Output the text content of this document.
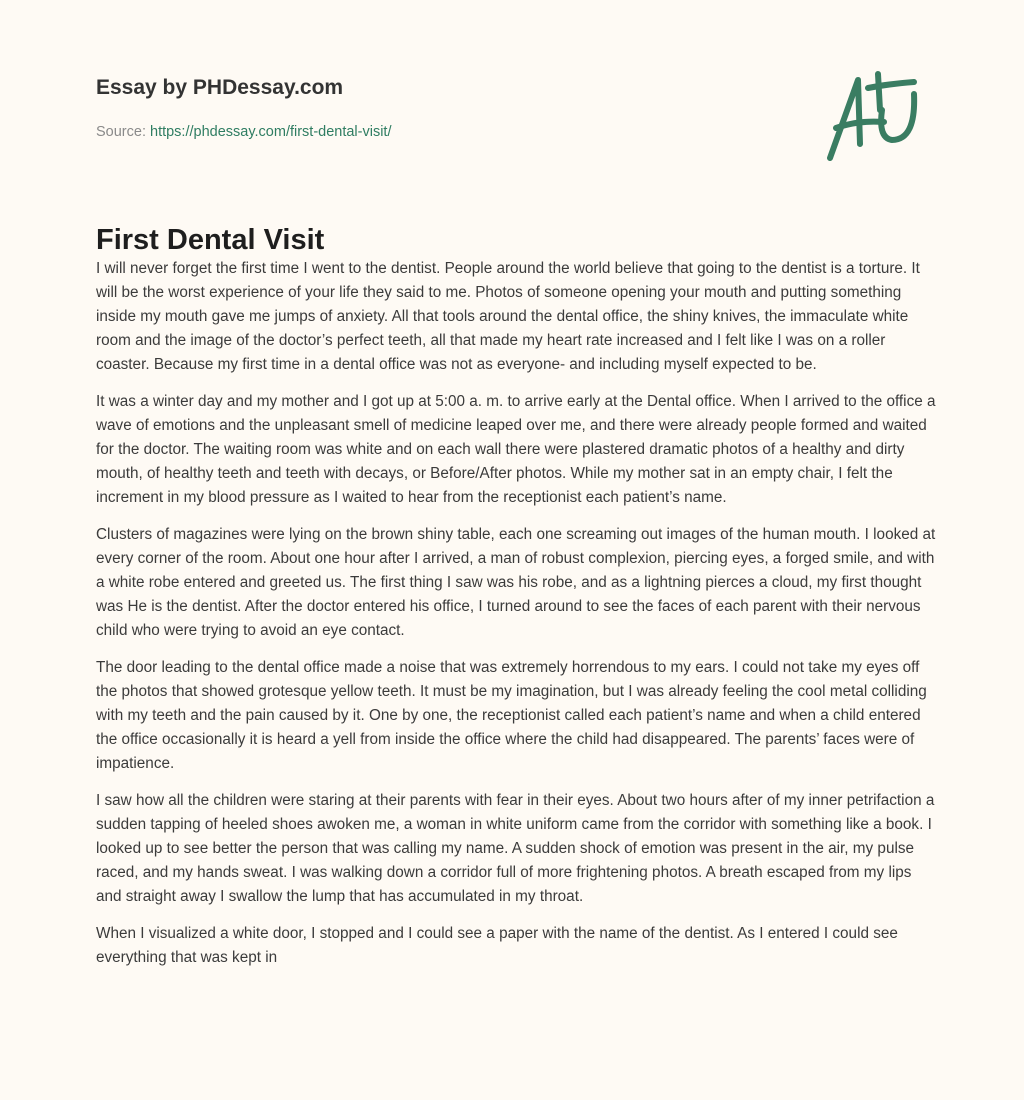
Essay by PHDessay.com
Source: https://phdessay.com/first-dental-visit/
First Dental Visit

I will never forget the first time I went to the dentist. People around the world believe that going to the dentist is a torture. It will be the worst experience of your life they said to me. Photos of someone opening your mouth and putting something inside my mouth gave me jumps of anxiety. All that tools around the dental office, the shiny knives, the immaculate white room and the image of the doctor’s perfect teeth, all that made my heart rate increased and I felt like I was on a roller coaster. Because my first time in a dental office was not as everyone- and including myself expected to be.

It was a winter day and my mother and I got up at 5:00 a. m. to arrive early at the Dental office. When I arrived to the office a wave of emotions and the unpleasant smell of medicine leaped over me, and there were already people formed and waited for the doctor. The waiting room was white and on each wall there were plastered dramatic photos of a healthy and dirty mouth, of healthy teeth and teeth with decays, or Before/After photos. While my mother sat in an empty chair, I felt the increment in my blood pressure as I waited to hear from the receptionist each patient’s name.

Clusters of magazines were lying on the brown shiny table, each one screaming out images of the human mouth. I looked at every corner of the room. About one hour after I arrived, a man of robust complexion, piercing eyes, a forged smile, and with a white robe entered and greeted us. The first thing I saw was his robe, and as a lightning pierces a cloud, my first thought was He is the dentist. After the doctor entered his office, I turned around to see the faces of each parent with their nervous child who were trying to avoid an eye contact.

The door leading to the dental office made a noise that was extremely horrendous to my ears. I could not take my eyes off the photos that showed grotesque yellow teeth. It must be my imagination, but I was already feeling the cool metal colliding with my teeth and the pain caused by it. One by one, the receptionist called each patient’s name and when a child entered the office occasionally it is heard a yell from inside the office where the child had disappeared. The parents’ faces were of impatience.

I saw how all the children were staring at their parents with fear in their eyes. About two hours after of my inner petrifaction a sudden tapping of heeled shoes awoken me, a woman in white uniform came from the corridor with something like a book. I looked up to see better the person that was calling my name. A sudden shock of emotion was present in the air, my pulse raced, and my hands sweat. I was walking down a corridor full of more frightening photos. A breath escaped from my lips and straight away I swallow the lump that has accumulated in my throat.

When I visualized a white door, I stopped and I could see a paper with the name of the dentist. As I entered I could see everything that was kept in
